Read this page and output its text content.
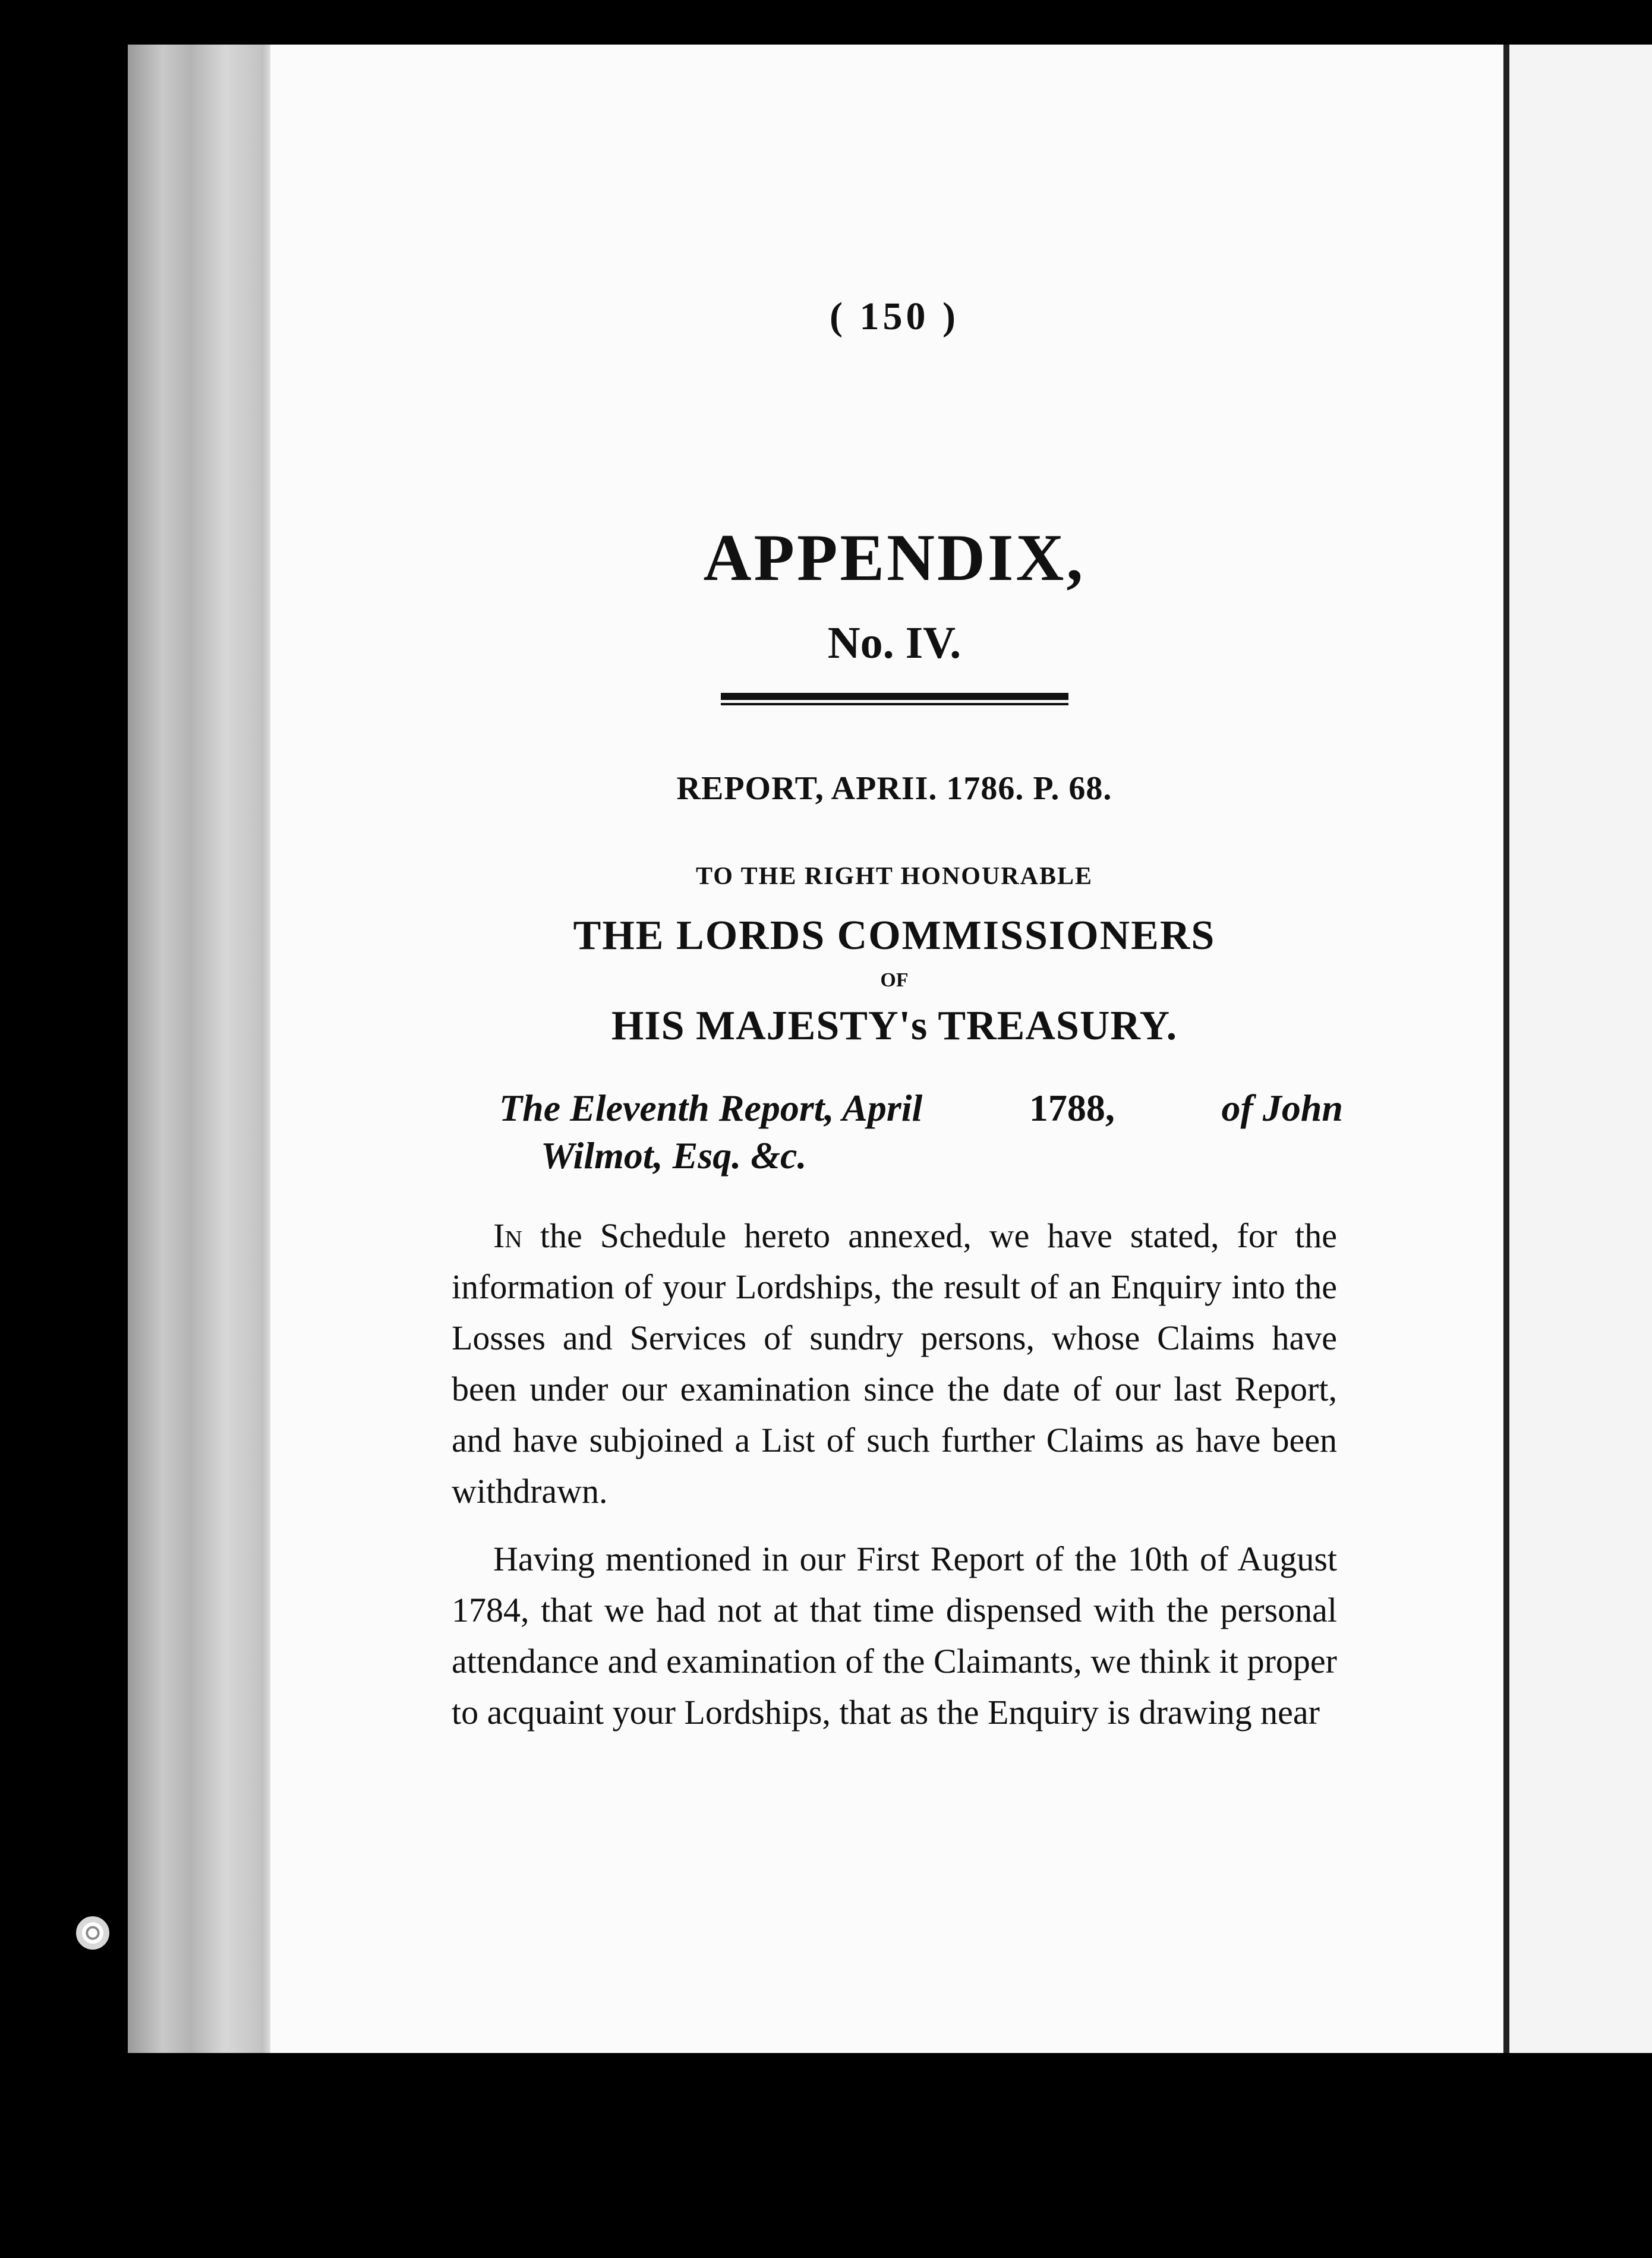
( 150 )
APPENDIX,
No. IV.
REPORT, APRII. 1786. P. 68.
TO THE RIGHT HONOURABLE
THE LORDS COMMISSIONERS
OF
HIS MAJESTY's TREASURY.
The Eleventh Report, April	1788,	of John
Wilmot, Esq. &c.

In the Schedule hereto annexed, we have stated, for the information of your Lordships, the result of an Enquiry into the Losses and Services of sundry persons, whose Claims have been under our examination since the date of our last Report, and have subjoined a List of such further Claims as have been withdrawn.

Having mentioned in our First Report of the 10th of August 1784, that we had not at that time dispensed with the personal attendance and examination of the Claimants, we think it proper to acquaint your Lordships, that as the Enquiry is drawing near
